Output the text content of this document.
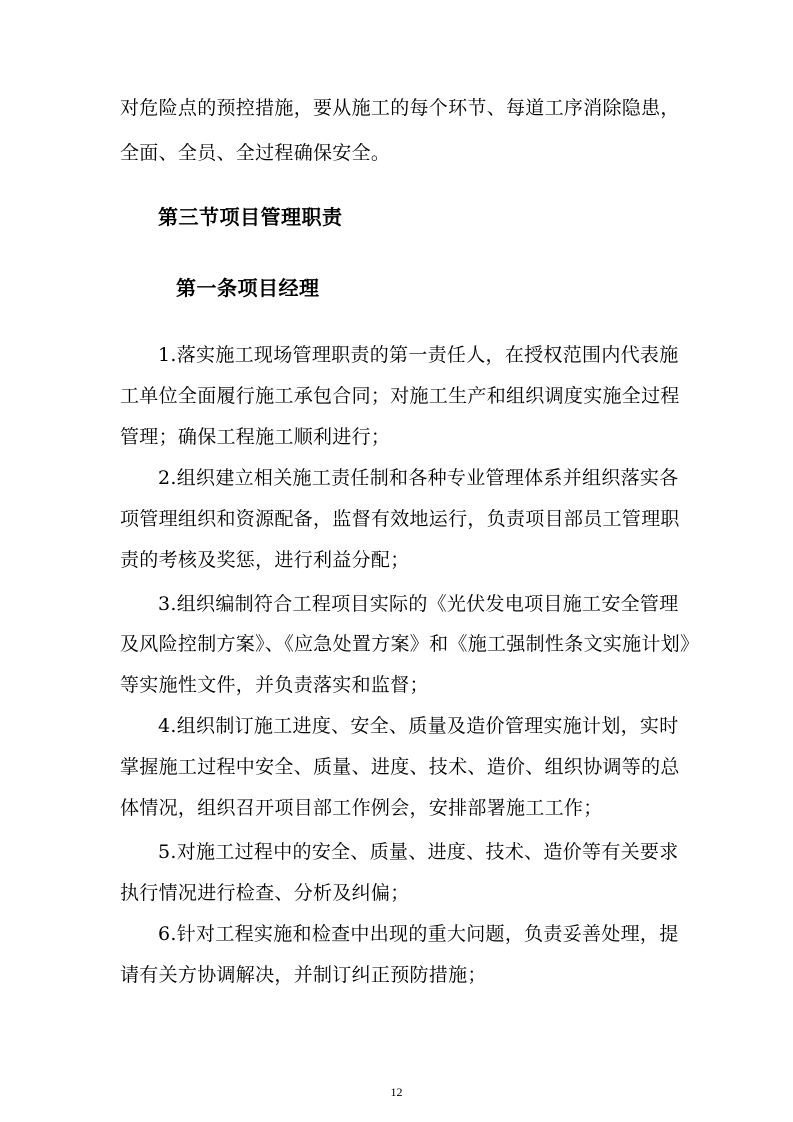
对危险点的预控措施，要从施工的每个环节、每道工序消除隐患，
全面、全员、全过程确保安全。
第三节项目管理职责
第一条项目经理
1.落实施工现场管理职责的第一责任人，在授权范围内代表施
工单位全面履行施工承包合同；对施工生产和组织调度实施全过程
管理；确保工程施工顺利进行；
2.组织建立相关施工责任制和各种专业管理体系并组织落实各
项管理组织和资源配备，监督有效地运行，负责项目部员工管理职
责的考核及奖惩，进行利益分配；
3.组织编制符合工程项目实际的《光伏发电项目施工安全管理
及风险控制方案》、《应急处置方案》和《施工强制性条文实施计划》
等实施性文件，并负责落实和监督；
4.组织制订施工进度、安全、质量及造价管理实施计划，实时
掌握施工过程中安全、质量、进度、技术、造价、组织协调等的总
体情况，组织召开项目部工作例会，安排部署施工工作；
5.对施工过程中的安全、质量、进度、技术、造价等有关要求
执行情况进行检查、分析及纠偏；
6.针对工程实施和检查中出现的重大问题，负责妥善处理，提
请有关方协调解决，并制订纠正预防措施；
12
